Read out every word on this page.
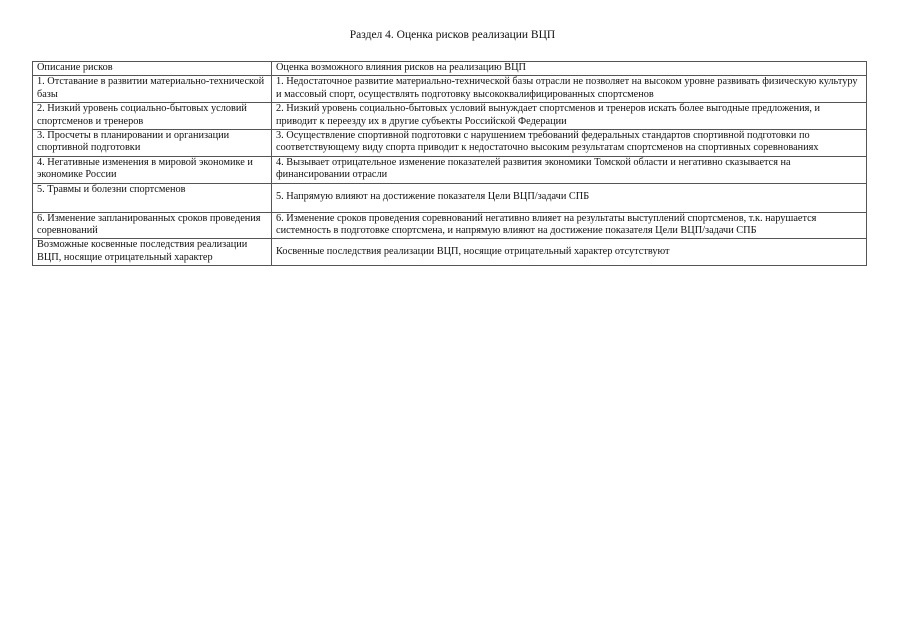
Раздел 4. Оценка рисков реализации ВЦП
Описание рисков	Оценка возможного влияния рисков на реализацию ВЦП
1. Отставание в развитии материально-технической базы	1. Недостаточное развитие материально-технической базы отрасли не позволяет на высоком уровне развивать физическую культуру и массовый спорт, осуществлять подготовку высококвалифицированных спортсменов
2. Низкий уровень социально-бытовых условий спортсменов и тренеров	2. Низкий уровень социально-бытовых условий вынуждает спортсменов и тренеров искать более выгодные предложения, и приводит к переезду их в другие субъекты Российской Федерации
3. Просчеты в планировании и организации спортивной подготовки	3. Осуществление спортивной подготовки с нарушением требований федеральных стандартов спортивной подготовки по соответствующему виду спорта приводит к недостаточно высоким результатам спортсменов на спортивных соревнованиях
4. Негативные изменения в мировой экономике и экономике России	4. Вызывает отрицательное изменение показателей развития экономики Томской области и негативно сказывается на финансировании отрасли
5. Травмы и болезни спортсменов	5. Напрямую влияют на достижение показателя Цели ВЦП/задачи СПБ
6. Изменение запланированных сроков проведения соревнований	6. Изменение сроков проведения соревнований негативно влияет на результаты выступлений спортсменов, т.к. нарушается системность в подготовке спортсмена, и напрямую влияют на достижение показателя Цели ВЦП/задачи СПБ
Возможные косвенные последствия реализации ВЦП, носящие отрицательный характер	Косвенные последствия реализации ВЦП, носящие отрицательный характер отсутствуют
